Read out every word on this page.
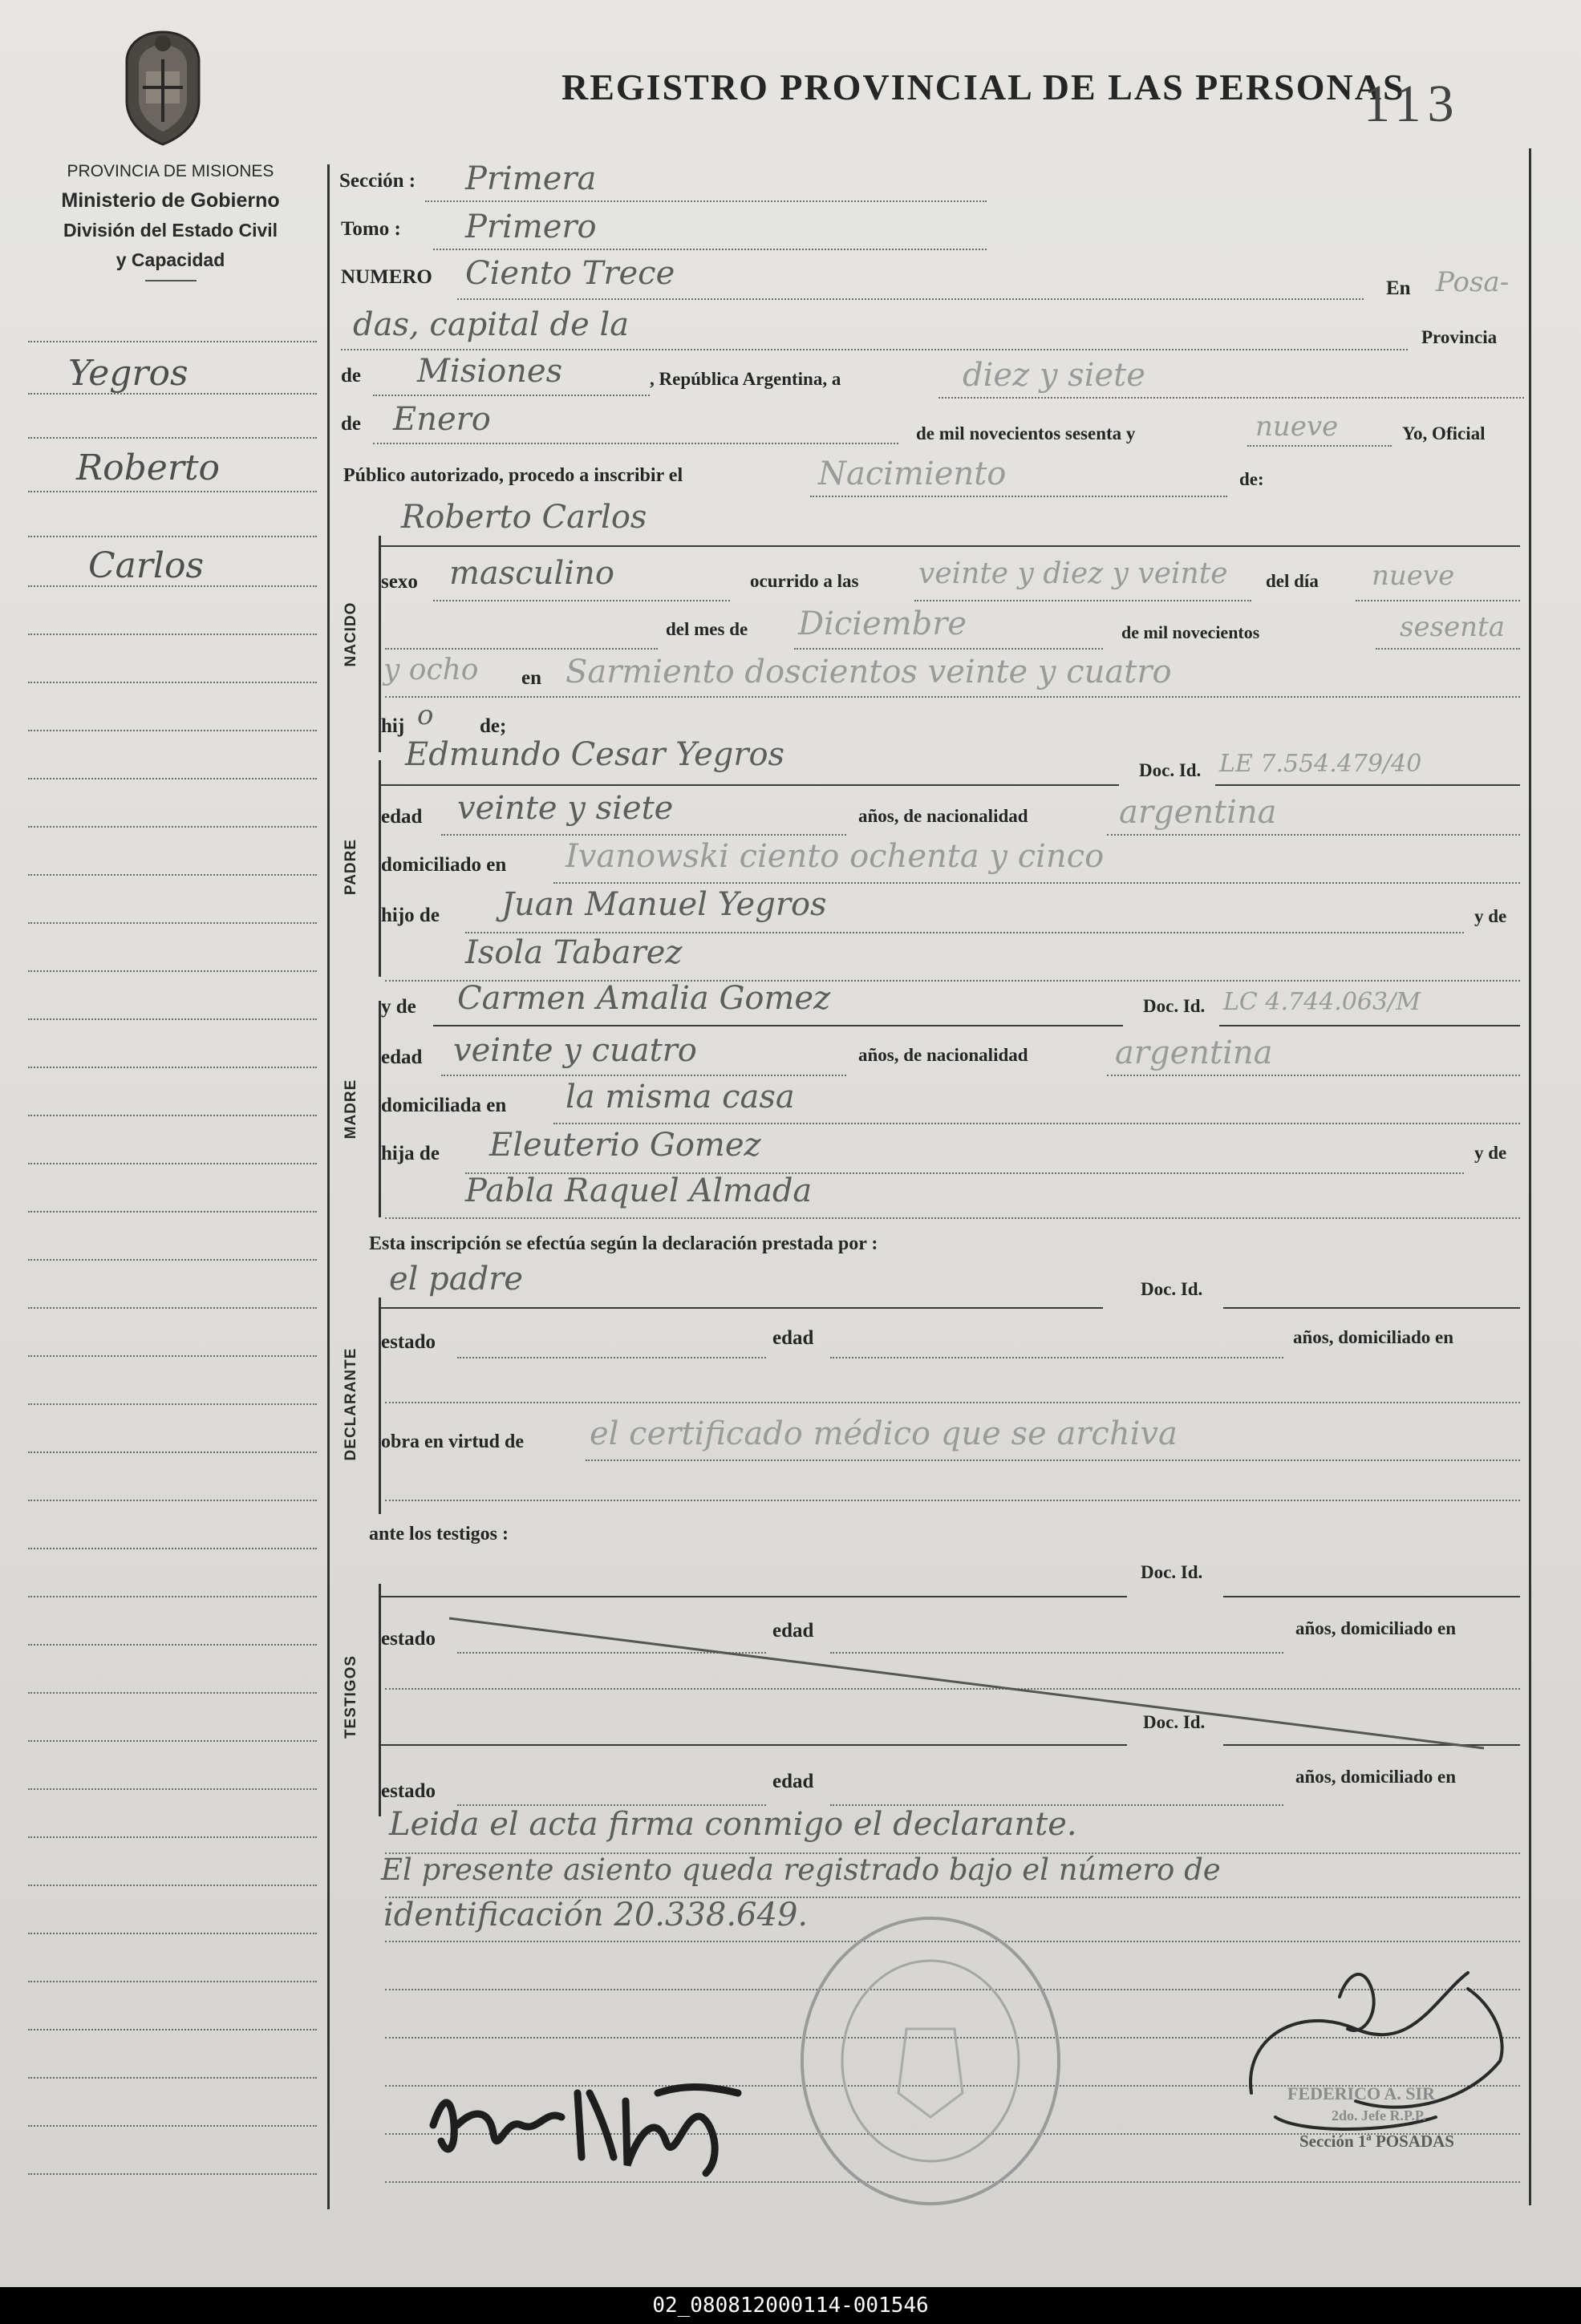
PROVINCIA DE MISIONES
Ministerio de Gobierno
División del Estado Civil
y Capacidad
REGISTRO PROVINCIAL DE LAS PERSONAS
113
Yegros
Roberto
Carlos
NACIDO
PADRE
MADRE
DECLARANTE
TESTIGOS
Sección : Primera
Tomo : Primero
NUMERO Ciento Trece	En Posa-
das, capital de la	Provincia
de Misiones	, República Argentina, a	diez y siete
de Enero	de mil novecientos sesenta y	nueve	Yo, Oficial
Público autorizado, procedo a inscribir el	Nacimiento	de:
Roberto Carlos
sexo masculino	ocurrido a las veinte y diez y veinte del día nueve
del mes de Diciembre	de mil novecientos	sesenta
y ocho en Sarmiento doscientos veinte y cuatro
hij o de;
Edmundo Cesar Yegros	Doc. Id. LE 7.554.479/40
edad veinte y siete	años, de nacionalidad	argentina
domiciliado en Ivanowski ciento ochenta y cinco
hijo de Juan Manuel Yegros	y de
Isola Tabarez
y de Carmen Amalia Gomez	Doc. Id. LC 4.744.063/M
edad veinte y cuatro	años, de nacionalidad	argentina
domiciliada en la misma casa
hija de Eleuterio Gomez	y de
Pabla Raquel Almada
Esta inscripción se efectúa según la declaración prestada por :
el padre	Doc. Id.
estado	edad	años, domiciliado en
obra en virtud de el certificado médico que se archiva
ante los testigos :
Doc. Id.
estado	edad	años, domiciliado en
Doc. Id.
estado	edad	años, domiciliado en
Leida el acta firma conmigo el declarante.
El presente asiento queda registrado bajo el número de
identificación 20.338.649.
FEDERICO A. SIR
2do. Jefe R.P.P.
Sección 1ª POSADAS
02_080812000114-001546
